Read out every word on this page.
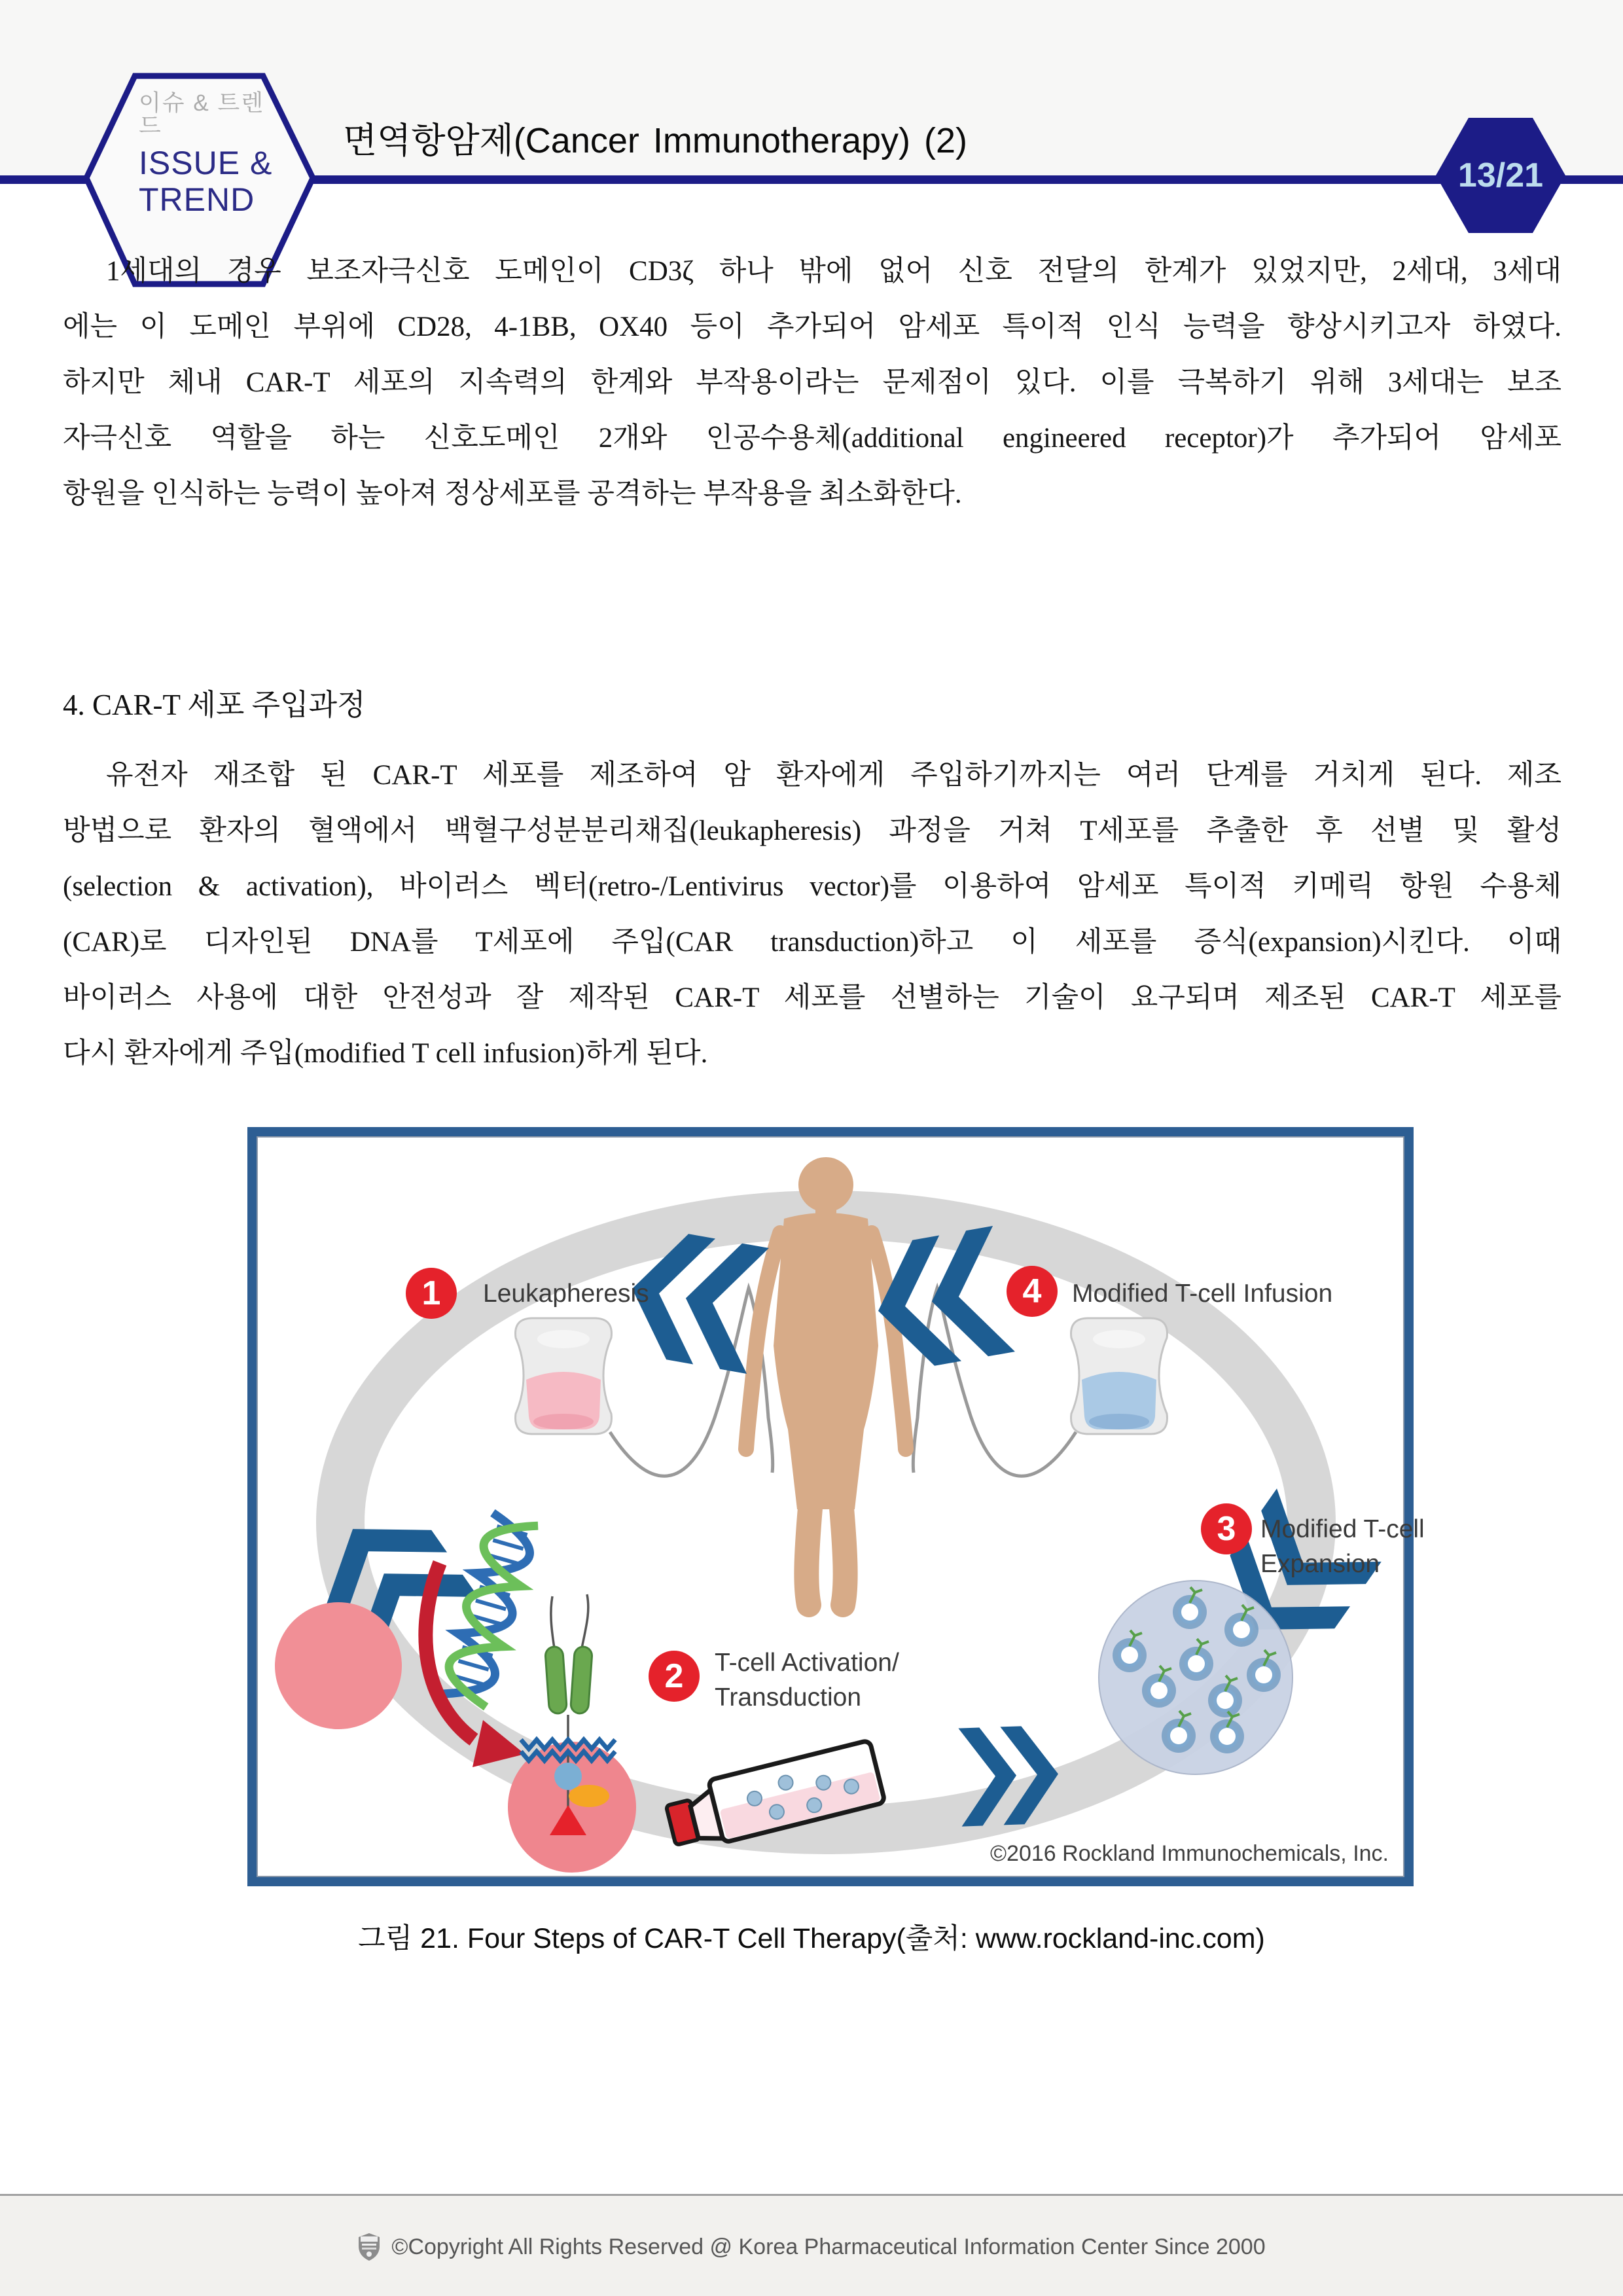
이슈 & 트렌드
ISSUE &
TREND
면역항암제(Cancer Immunotherapy) (2)
13/21
1세대의 경우 보조자극신호 도메인이 CD3ζ 하나 밖에 없어 신호 전달의 한계가 있었지만, 2세대, 3세대
에는 이 도메인 부위에 CD28, 4-1BB, OX40 등이 추가되어 암세포 특이적 인식 능력을 향상시키고자 하였다.
하지만 체내 CAR-T 세포의 지속력의 한계와 부작용이라는 문제점이 있다. 이를 극복하기 위해 3세대는 보조
자극신호 역할을 하는 신호도메인 2개와 인공수용체(additional engineered receptor)가 추가되어 암세포
항원을 인식하는 능력이 높아져 정상세포를 공격하는 부작용을 최소화한다.
4. CAR-T 세포 주입과정
유전자 재조합 된 CAR-T 세포를 제조하여 암 환자에게 주입하기까지는 여러 단계를 거치게 된다. 제조
방법으로 환자의 혈액에서 백혈구성분분리채집(leukapheresis) 과정을 거쳐 T세포를 추출한 후 선별 및 활성
(selection & activation), 바이러스 벡터(retro-/Lentivirus vector)를 이용하여 암세포 특이적 키메릭 항원 수용체
(CAR)로 디자인된 DNA를 T세포에 주입(CAR transduction)하고 이 세포를 증식(expansion)시킨다. 이때
바이러스 사용에 대한 안전성과 잘 제작된 CAR-T 세포를 선별하는 기술이 요구되며 제조된 CAR-T 세포를
다시 환자에게 주입(modified T cell infusion)하게 된다.
1	Leukapheresis
2	T-cell Activation/
Transduction
3 Modified T-cell
Expansion
4	Modified T-cell Infusion
©2016 Rockland Immunochemicals, Inc.
그림 21. Four Steps of CAR-T Cell Therapy(출처: www.rockland-inc.com)
©Copyright All Rights Reserved @ Korea Pharmaceutical Information Center Since 2000
